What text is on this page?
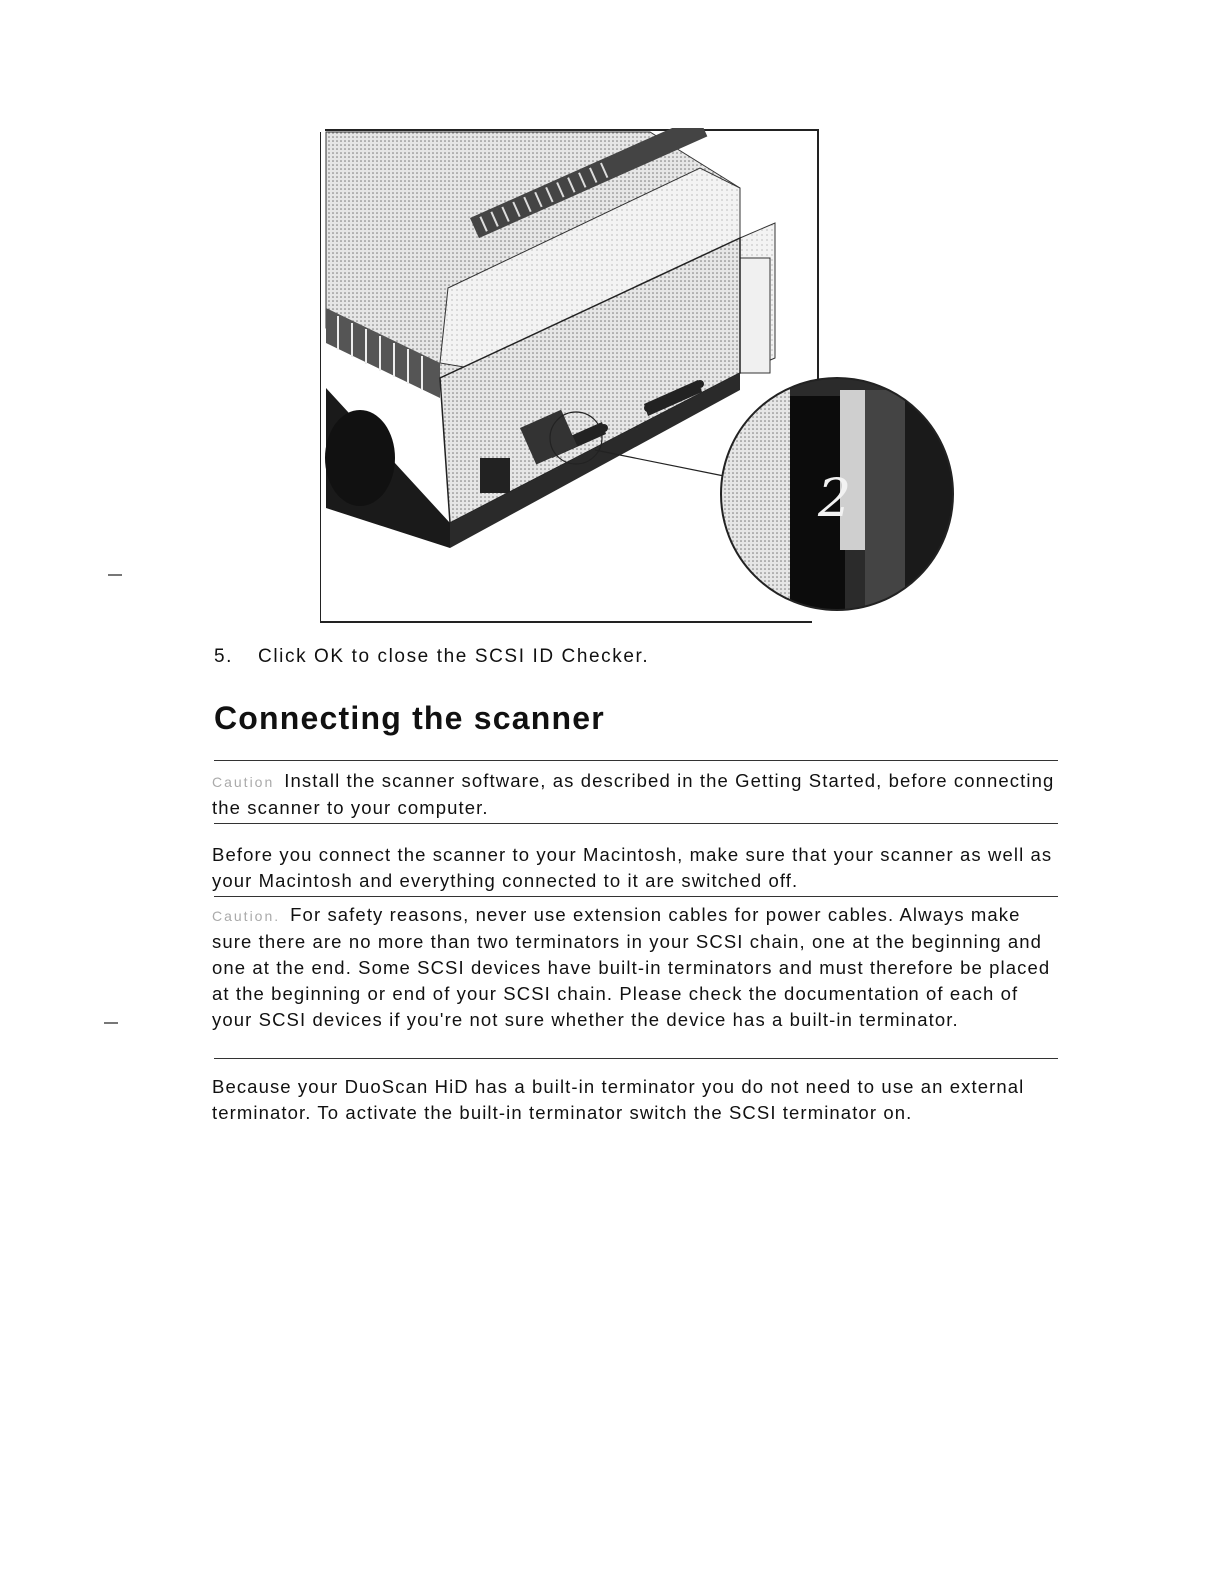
2
5. Click OK to close the SCSI ID Checker.
Connecting the scanner

Caution Install the scanner software, as described in the Getting Started, before connecting the scanner to your computer.

Before you connect the scanner to your Macintosh, make sure that your scanner as well as your Macintosh and everything connected to it are switched off.

Caution. For safety reasons, never use extension cables for power cables. Always make sure there are no more than two terminators in your SCSI chain, one at the beginning and one at the end. Some SCSI devices have built-in terminators and must therefore be placed at the beginning or end of your SCSI chain. Please check the documentation of each of your SCSI devices if you're not sure whether the device has a built-in terminator.

Because your DuoScan HiD has a built-in terminator you do not need to use an external terminator. To activate the built-in terminator switch the SCSI terminator on.
